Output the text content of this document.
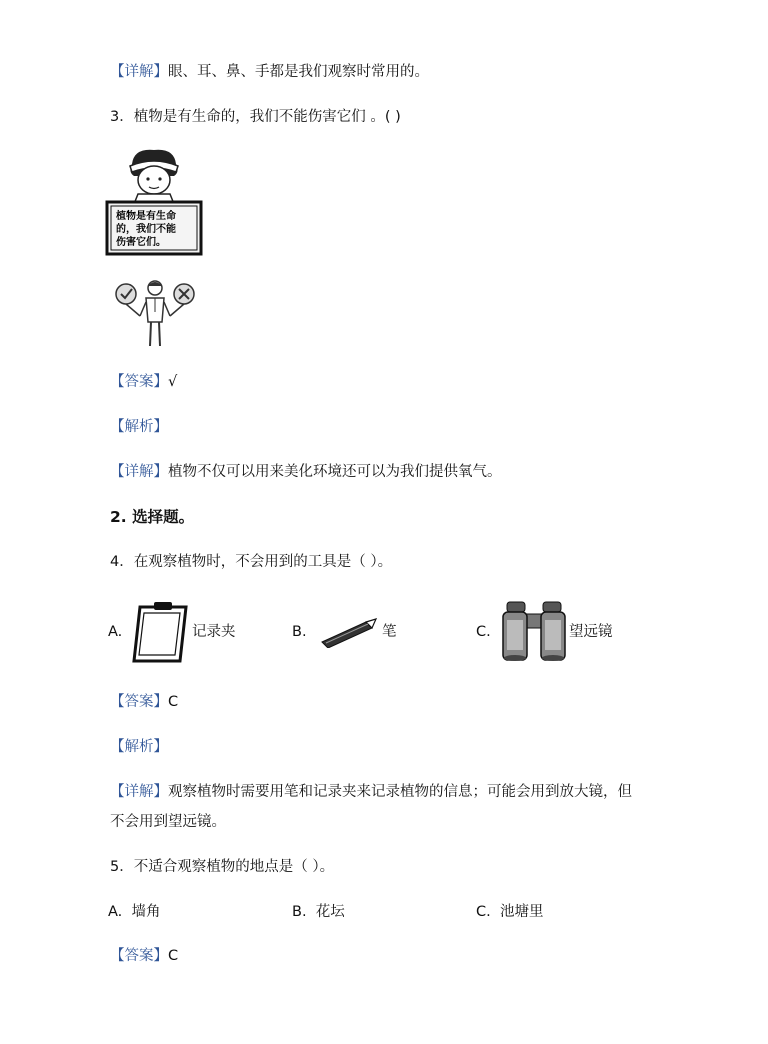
【详解】眼、耳、鼻、手都是我们观察时常用的。
3．植物是有生命的，我们不能伤害它们 。( )
植物是有生命
的，我们不能
伤害它们。
【答案】√
【解析】
【详解】植物不仅可以用来美化环境还可以为我们提供氧气。
2. 选择题。
4．在观察植物时，不会用到的工具是（ ）。
A.	记录夹	B.	笔	C.	望远镜
【答案】C
【解析】
【详解】观察植物时需要用笔和记录夹来记录植物的信息；可能会用到放大镜，但
不会用到望远镜。
5．不适合观察植物的地点是（ ）。
A. 墙角	B. 花坛	C. 池塘里
【答案】C
